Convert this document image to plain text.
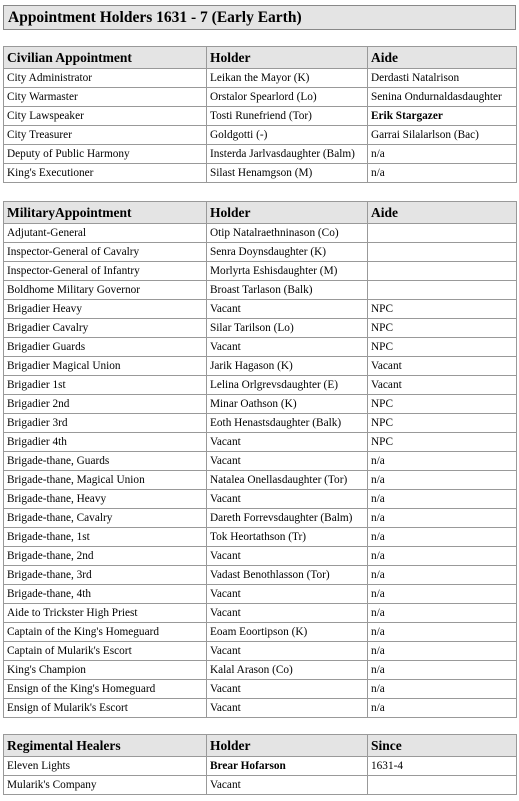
Appointment Holders 1631 - 7 (Early Earth)
Civilian Appointment	Holder	Aide
City Administrator	Leikan the Mayor (K)	Derdasti Natalrison
City Warmaster	Orstalor Spearlord (Lo)	Senina Ondurnaldasdaughter
City Lawspeaker	Tosti Runefriend (Tor)	Erik Stargazer
City Treasurer	Goldgotti (-)	Garrai Silalarlson (Bac)
Deputy of Public Harmony	Insterda Jarlvasdaughter (Balm)	n/a
King's Executioner	Silast Henamgson (M)	n/a
MilitaryAppointment	Holder	Aide
Adjutant-General	Otip Natalraethninason (Co)	
Inspector-General of Cavalry	Senra Doynsdaughter (K)	
Inspector-General of Infantry	Morlyrta Eshisdaughter (M)	
Boldhome Military Governor	Broast Tarlason (Balk)	
Brigadier Heavy	Vacant	NPC
Brigadier Cavalry	Silar Tarilson (Lo)	NPC
Brigadier Guards	Vacant	NPC
Brigadier Magical Union	Jarik Hagason (K)	Vacant
Brigadier 1st	Lelina Orlgrevsdaughter (E)	Vacant
Brigadier 2nd	Minar Oathson (K)	NPC
Brigadier 3rd	Eoth Henastsdaughter (Balk)	NPC
Brigadier 4th	Vacant	NPC
Brigade-thane, Guards	Vacant	n/a
Brigade-thane, Magical Union	Natalea Onellasdaughter (Tor)	n/a
Brigade-thane, Heavy	Vacant	n/a
Brigade-thane, Cavalry	Dareth Forrevsdaughter (Balm)	n/a
Brigade-thane, 1st	Tok Heortathson (Tr)	n/a
Brigade-thane, 2nd	Vacant	n/a
Brigade-thane, 3rd	Vadast Benothlasson (Tor)	n/a
Brigade-thane, 4th	Vacant	n/a
Aide to Trickster High Priest	Vacant	n/a
Captain of the King's Homeguard	Eoam Eoortipson (K)	n/a
Captain of Mularik's Escort	Vacant	n/a
King's Champion	Kalal Arason (Co)	n/a
Ensign of the King's Homeguard	Vacant	n/a
Ensign of Mularik's Escort	Vacant	n/a
Regimental Healers	Holder	Since
Eleven Lights	Brear Hofarson	1631-4
Mularik's Company	Vacant	
